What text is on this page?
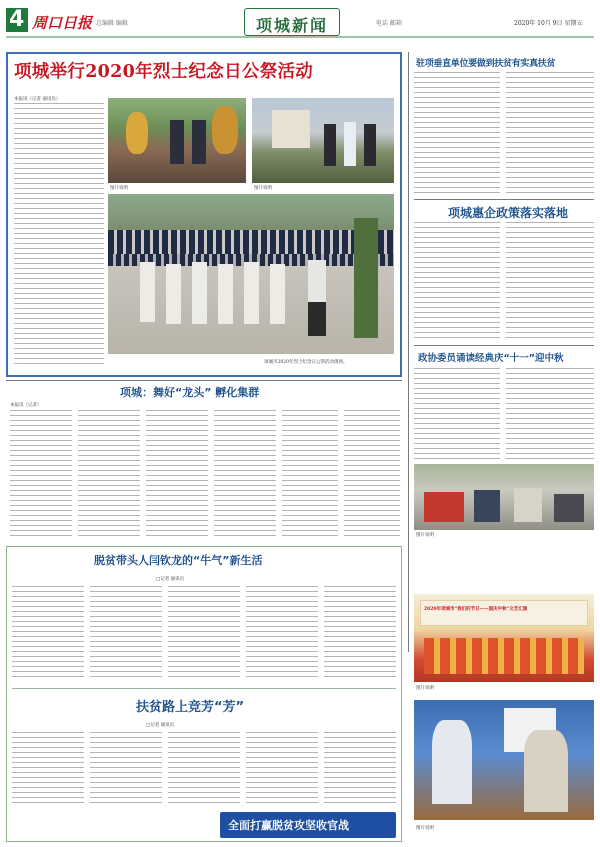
4 周口日报 总编辑 编辑	项城新闻	电话 邮箱	2020年 10月 9日 星期五
项城举行2020年烈士纪念日公祭活动
本报讯（记者 通讯员）
图片说明	图片说明
项城市2020年烈士纪念日公祭活动现场。
驻项垂直单位要做到扶贫有实真扶贫
项城惠企政策落实落地
政协委员诵读经典庆“十一”迎中秋
图片说明
2020年项城市“我们的节日——国庆中秋”文艺汇演
图片说明
图片说明
项城：舞好“龙头” 孵化集群
本报讯（记者）
脱贫带头人闫钦龙的“牛气”新生活
□记者 通讯员
扶贫路上竞芳“芳”
□记者 通讯员
全面打赢脱贫攻坚收官战
